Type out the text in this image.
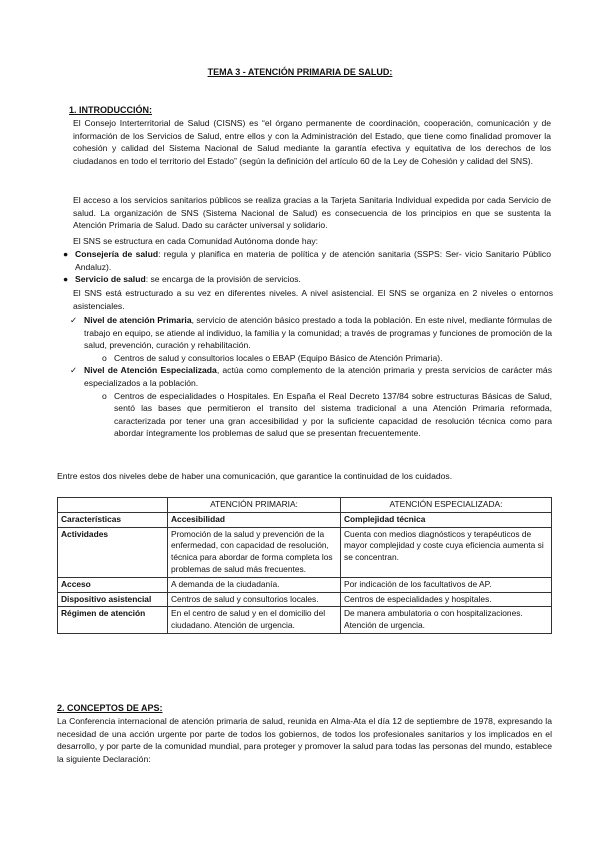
TEMA 3 - ATENCIÓN PRIMARIA DE SALUD:
1. INTRODUCCIÓN:
El Consejo Interterritorial de Salud (CISNS) es “el órgano permanente de coordinación, cooperación, comunicación y de información de los Servicios de Salud, entre ellos y con la Administración del Estado, que tiene como finalidad promover la cohesión y calidad del Sistema Nacional de Salud mediante la garantía efectiva y equitativa de los derechos de los ciudadanos en todo el territorio del Estado” (según la definición del artículo 60 de la Ley de Cohesión y calidad del SNS).
El acceso a los servicios sanitarios públicos se realiza gracias a la Tarjeta Sanitaria Individual expedida por cada Servicio de salud. La organización de SNS (Sistema Nacional de Salud) es consecuencia de los principios en que se sustenta la Atención Primaria de Salud. Dado su carácter universal y solidario.
El SNS se estructura en cada Comunidad Autónoma donde hay:
● Consejería de salud: regula y planifica en materia de política y de atención sanitaria (SSPS: Ser- vicio Sanitario Público Andaluz).
● Servicio de salud: se encarga de la provisión de servicios.
El SNS está estructurado a su vez en diferentes niveles. A nivel asistencial. El SNS se organiza en 2 niveles o entornos asistenciales.
✓ Nivel de atención Primaria, servicio de atención básico prestado a toda la población. En este nivel, mediante fórmulas de trabajo en equipo, se atiende al individuo, la familia y la comunidad; a través de programas y funciones de promoción de la salud, prevención, curación y rehabilitación.
o Centros de salud y consultorios locales o EBAP (Equipo Básico de Atención Primaria).
✓ Nivel de Atención Especializada, actúa como complemento de la atención primaria y presta servicios de carácter más especializados a la población.
o Centros de especialidades o Hospitales. En España el Real Decreto 137/84 sobre estructuras Básicas de Salud, sentó las bases que permitieron el transito del sistema tradicional a una Atención Primaria reformada, caracterizada por tener una gran accesibilidad y por la suficiente capacidad de resolución técnica como para abordar íntegramente los problemas de salud que se presentan frecuentemente.
Entre estos dos niveles debe de haber una comunicación, que garantice la continuidad de los cuidados.
	ATENCIÓN PRIMARIA:	ATENCIÓN ESPECIALIZADA:
Características	Accesibilidad	Complejidad técnica
Actividades	Promoción de la salud y prevención de la enfermedad, con capacidad de resolución, técnica para abordar de forma completa los problemas de salud más frecuentes.	Cuenta con medios diagnósticos y terapéuticos de mayor complejidad y coste cuya eficiencia aumenta si se concentran.
Acceso	A demanda de la ciudadanía.	Por indicación de los facultativos de AP.
Dispositivo asistencial	Centros de salud y consultorios locales.	Centros de especialidades y hospitales.
Régimen de atención	En el centro de salud y en el domicilio del ciudadano. Atención de urgencia.	De manera ambulatoria o con hospitalizaciones. Atención de urgencia.
2. CONCEPTOS DE APS:
La Conferencia internacional de atención primaria de salud, reunida en Alma-Ata el día 12 de septiembre de 1978, expresando la necesidad de una acción urgente por parte de todos los gobiernos, de todos los profesionales sanitarios y los implicados en el desarrollo, y por parte de la comunidad mundial, para proteger y promover la salud para todas las personas del mundo, establece la siguiente Declaración:
